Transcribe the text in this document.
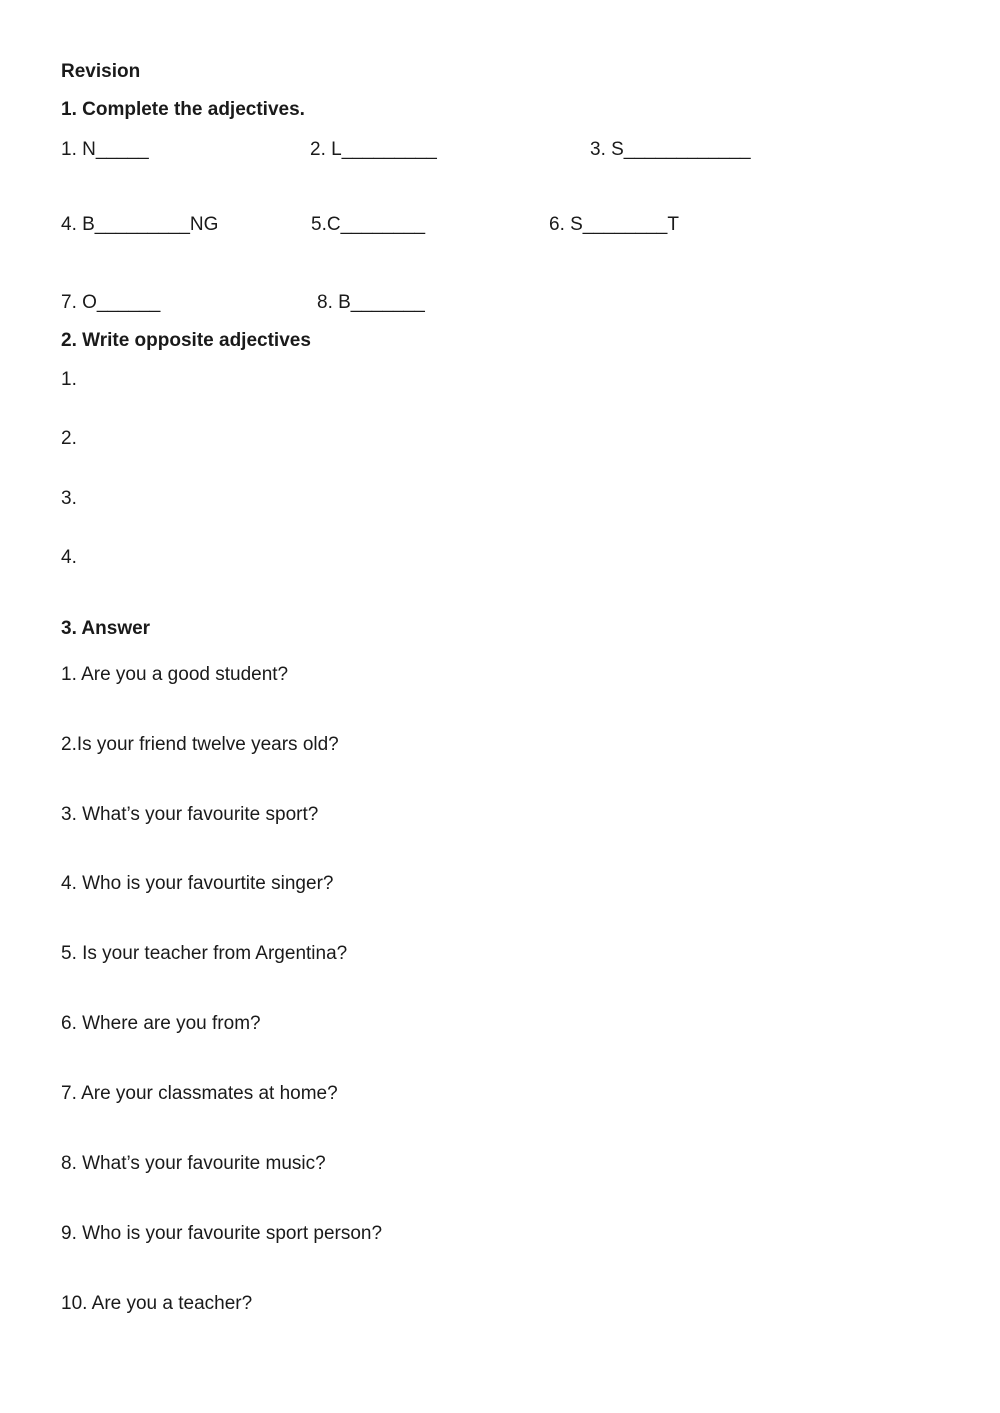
Revision
1. Complete the adjectives.

1. N_____	2. L_________	3. S____________

4. B_________NG	5.C________	6. S________T

7. O______	8. B_______

2. Write opposite adjectives

1.

2.

3.

4.

3. Answer

1. Are you a good student?

2.Is your friend twelve years old?

3. What’s your favourite sport?

4. Who is your favourtite singer?

5. Is your teacher from Argentina?

6. Where are you from?

7. Are your classmates at home?

8. What’s your favourite music?

9. Who is your favourite sport person?

10. Are you a teacher?
